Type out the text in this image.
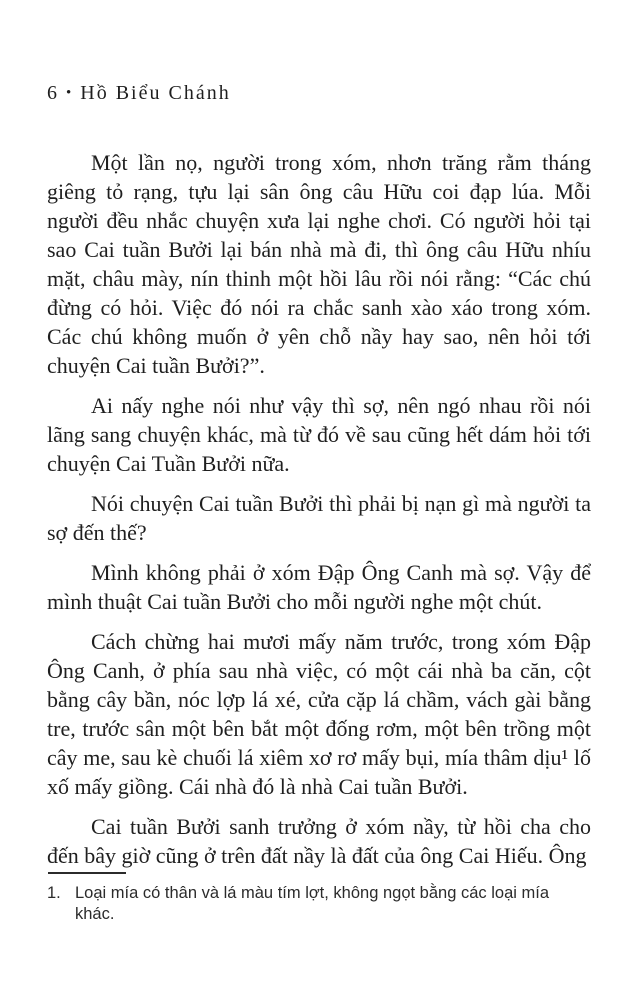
6 • Hồ Biểu Chánh

Một lần nọ, người trong xóm, nhơn trăng rằm tháng giêng tỏ rạng, tựu lại sân ông câu Hữu coi đạp lúa. Mỗi người đều nhắc chuyện xưa lại nghe chơi. Có người hỏi tại sao Cai tuần Bưởi lại bán nhà mà đi, thì ông câu Hữu nhíu mặt, châu mày, nín thinh một hồi lâu rồi nói rằng: “Các chú đừng có hỏi. Việc đó nói ra chắc sanh xào xáo trong xóm. Các chú không muốn ở yên chỗ nầy hay sao, nên hỏi tới chuyện Cai tuần Bưởi?”.

Ai nấy nghe nói như vậy thì sợ, nên ngó nhau rồi nói lãng sang chuyện khác, mà từ đó về sau cũng hết dám hỏi tới chuyện Cai Tuần Bưởi nữa.

Nói chuyện Cai tuần Bưởi thì phải bị nạn gì mà người ta sợ đến thế?

Mình không phải ở xóm Đập Ông Canh mà sợ. Vậy để mình thuật Cai tuần Bưởi cho mỗi người nghe một chút.

Cách chừng hai mươi mấy năm trước, trong xóm Đập Ông Canh, ở phía sau nhà việc, có một cái nhà ba căn, cột bằng cây bần, nóc lợp lá xé, cửa cặp lá chầm, vách gài bằng tre, trước sân một bên bắt một đống rơm, một bên trồng một cây me, sau kè chuối lá xiêm xơ rơ mấy bụi, mía thâm dịu¹ lố xố mấy giồng. Cái nhà đó là nhà Cai tuần Bưởi.

Cai tuần Bưởi sanh trưởng ở xóm nầy, từ hồi cha cho đến bây giờ cũng ở trên đất nầy là đất của ông Cai Hiếu. Ông

1. Loại mía có thân và lá màu tím lợt, không ngọt bằng các loại mía khác.
